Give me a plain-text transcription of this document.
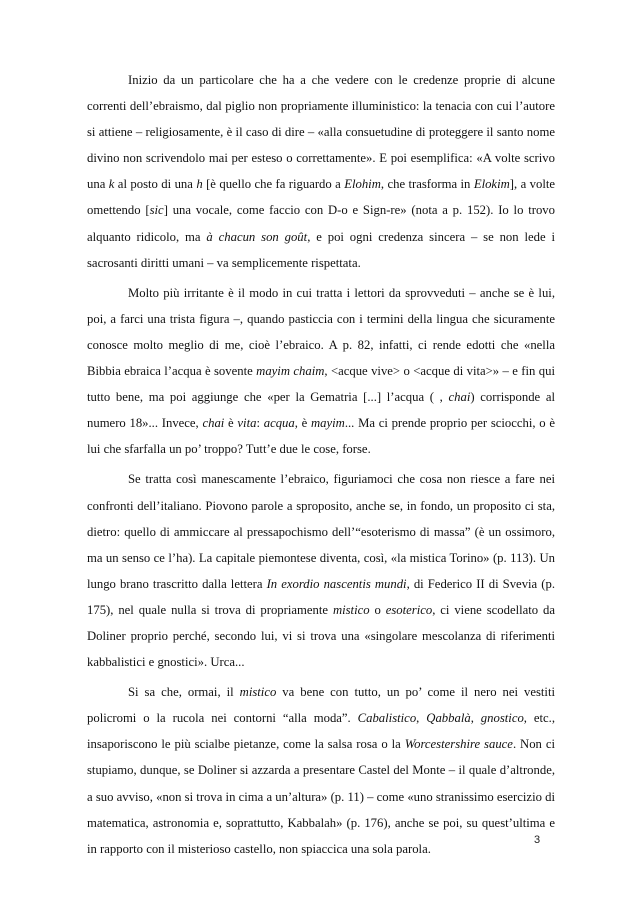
Inizio da un particolare che ha a che vedere con le credenze proprie di alcune correnti dell’ebraismo, dal piglio non propriamente illuministico: la tenacia con cui l’autore si attiene – religiosamente, è il caso di dire – «alla consuetudine di proteggere il santo nome divino non scrivendolo mai per esteso o correttamente». E poi esemplifica: «A volte scrivo una k al posto di una h [è quello che fa riguardo a Elohim, che trasforma in Elokim], a volte omettendo [sic] una vocale, come faccio con D-o e Sign-re» (nota a p. 152). Io lo trovo alquanto ridicolo, ma à chacun son goût, e poi ogni credenza sincera – se non lede i sacrosanti diritti umani – va semplicemente rispettata.

Molto più irritante è il modo in cui tratta i lettori da sprovveduti – anche se è lui, poi, a farci una trista figura –, quando pasticcia con i termini della lingua che sicuramente conosce molto meglio di me, cioè l’ebraico. A p. 82, infatti, ci rende edotti che «nella Bibbia ebraica l’acqua è sovente mayim chaim, <acque vive> o <acque di vita>» – e fin qui tutto bene, ma poi aggiunge che «per la Gematria [...] l’acqua ( , chai) corrisponde al numero 18»... Invece, chai è vita: acqua, è mayim... Ma ci prende proprio per sciocchi, o è lui che sfarfalla un po’ troppo? Tutt’e due le cose, forse.

Se tratta così manescamente l’ebraico, figuriamoci che cosa non riesce a fare nei confronti dell’italiano. Piovono parole a sproposito, anche se, in fondo, un proposito ci sta, dietro: quello di ammiccare al pressapochismo dell’“esoterismo di massa” (è un ossimoro, ma un senso ce l’ha). La capitale piemontese diventa, così, «la mistica Torino» (p. 113). Un lungo brano trascritto dalla lettera In exordio nascentis mundi, di Federico II di Svevia (p. 175), nel quale nulla si trova di propriamente mistico o esoterico, ci viene scodellato da Doliner proprio perché, secondo lui, vi si trova una «singolare mescolanza di riferimenti kabbalistici e gnostici». Urca...

Si sa che, ormai, il mistico va bene con tutto, un po’ come il nero nei vestiti policromi o la rucola nei contorni “alla moda”. Cabalistico, Qabbalà, gnostico, etc., insaporiscono le più scialbe pietanze, come la salsa rosa o la Worcestershire sauce. Non ci stupiamo, dunque, se Doliner si azzarda a presentare Castel del Monte – il quale d’altronde, a suo avviso, «non si trova in cima a un’altura» (p. 11) – come «uno stranissimo esercizio di matematica, astronomia e, soprattutto, Kabbalah» (p. 176), anche se poi, su quest’ultima e in rapporto con il misterioso castello, non spiaccica una sola parola.

3
